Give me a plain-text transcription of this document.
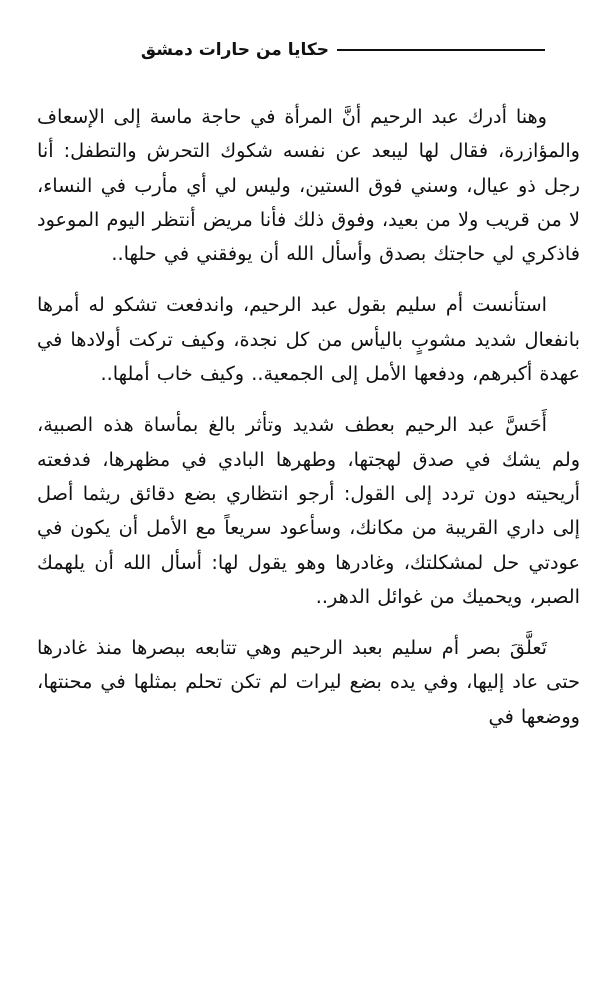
حكايا من حارات دمشق

وهنا أدرك عبد الرحيم أنَّ المرأة في حاجة ماسة إلى الإسعاف والمؤازرة، فقال لها ليبعد عن نفسه شكوك التحرش والتطفل: أنا رجل ذو عيال، وسني فوق الستين، وليس لي أي مأرب في النساء، لا من قريب ولا من بعيد، وفوق ذلك فأنا مريض أنتظر اليوم الموعود فاذكري لي حاجتك بصدق وأسأل الله أن يوفقني في حلها..

استأنست أم سليم بقول عبد الرحيم، واندفعت تشكو له أمرها بانفعال شديد مشوبٍ باليأس من كل نجدة، وكيف تركت أولادها في عهدة أكبرهم، ودفعها الأمل إلى الجمعية.. وكيف خاب أملها..

أَحَسَّ عبد الرحيم بعطف شديد وتأثر بالغ بمأساة هذه الصبية، ولم يشك في صدق لهجتها، وطهرها البادي في مظهرها، فدفعته أريحيته دون تردد إلى القول: أرجو انتظاري بضع دقائق ريثما أصل إلى داري القريبة من مكانك، وسأعود سريعاً مع الأمل أن يكون في عودتي حل لمشكلتك، وغادرها وهو يقول لها: أسأل الله أن يلهمك الصبر، ويحميك من غوائل الدهر..

تَعلَّقَ بصر أم سليم بعبد الرحيم وهي تتابعه ببصرها منذ غادرها حتى عاد إليها، وفي يده بضع ليرات لم تكن تحلم بمثلها في محنتها، ووضعها في
